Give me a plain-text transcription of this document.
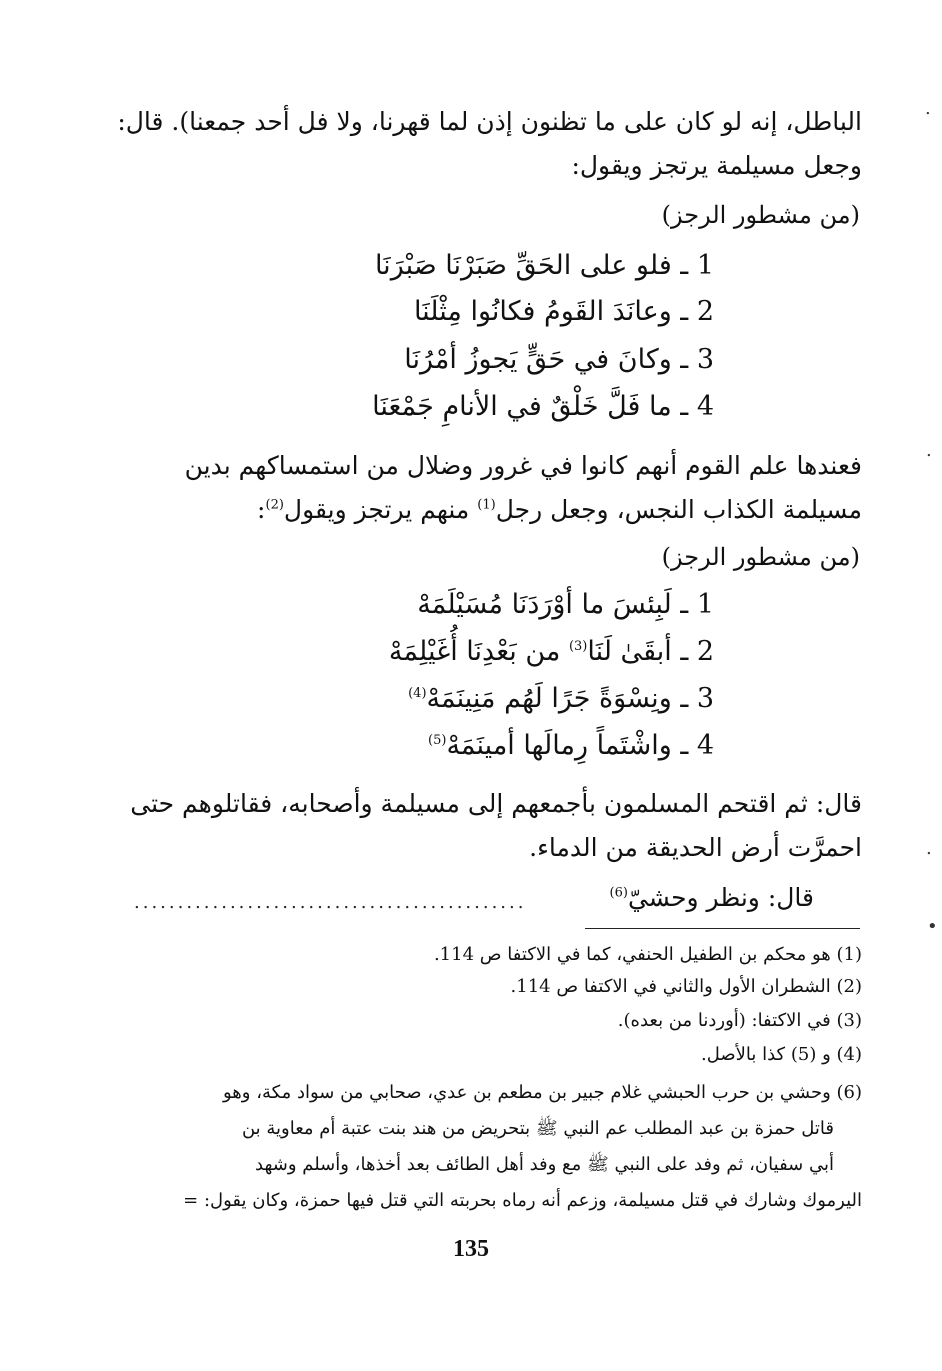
الباطل، إنه لو كان على ما تظنون إذن لما قهرنا، ولا فل أحد جمعنا). قال:
وجعل مسيلمة يرتجز ويقول:
(من مشطور الرجز)
1 ـ فلو على الحَقِّ صَبَرْنَا صَبْرَنَا
2 ـ وعانَدَ القَومُ فكانُوا مِثْلَنَا
3 ـ وكانَ في حَقٍّ يَجوزُ أمْرُنَا
4 ـ ما فَلَّ خَلْقٌ في الأنامِ جَمْعَنَا
فعندها علم القوم أنهم كانوا في غرور وضلال من استمساكهم بدين
مسيلمة الكذاب النجس، وجعل رجل$^{(1)}$ منهم يرتجز ويقول$^{(2)}$:
(من مشطور الرجز)
1 ـ لَبِئسَ ما أوْرَدَنَا مُسَيْلَمَهْ
2 ـ أبقَىٰ لَنَا$^{(3)}$ من بَعْدِنَا أُغَيْلِمَهْ
3 ـ ونِسْوَةً جَرًا لَهُم مَنِينَمَهْ$^{(4)}$
4 ـ واشْتَماً رِمالَها أمينَمَهْ$^{(5)}$
قال: ثم اقتحم المسلمون بأجمعهم إلى مسيلمة وأصحابه، فقاتلوهم حتى
احمرَّت أرض الحديقة من الدماء.
قال: ونظر وحشيّ$^{(6)}$
.............................................
(1) هو محكم بن الطفيل الحنفي، كما في الاكتفا ص 114.
(2) الشطران الأول والثاني في الاكتفا ص 114.
(3) في الاكتفا: (أوردنا من بعده).
(4) و (5) كذا بالأصل.
(6) وحشي بن حرب الحبشي غلام جبير بن مطعم بن عدي، صحابي من سواد مكة، وهو
قاتل حمزة بن عبد المطلب عم النبي ﷺ بتحريض من هند بنت عتبة أم معاوية بن
أبي سفيان، ثم وفد على النبي ﷺ مع وفد أهل الطائف بعد أخذها، وأسلم وشهد
اليرموك وشارك في قتل مسيلمة، وزعم أنه رماه بحربته التي قتل فيها حمزة، وكان يقول: =
135
.
.
.
•
